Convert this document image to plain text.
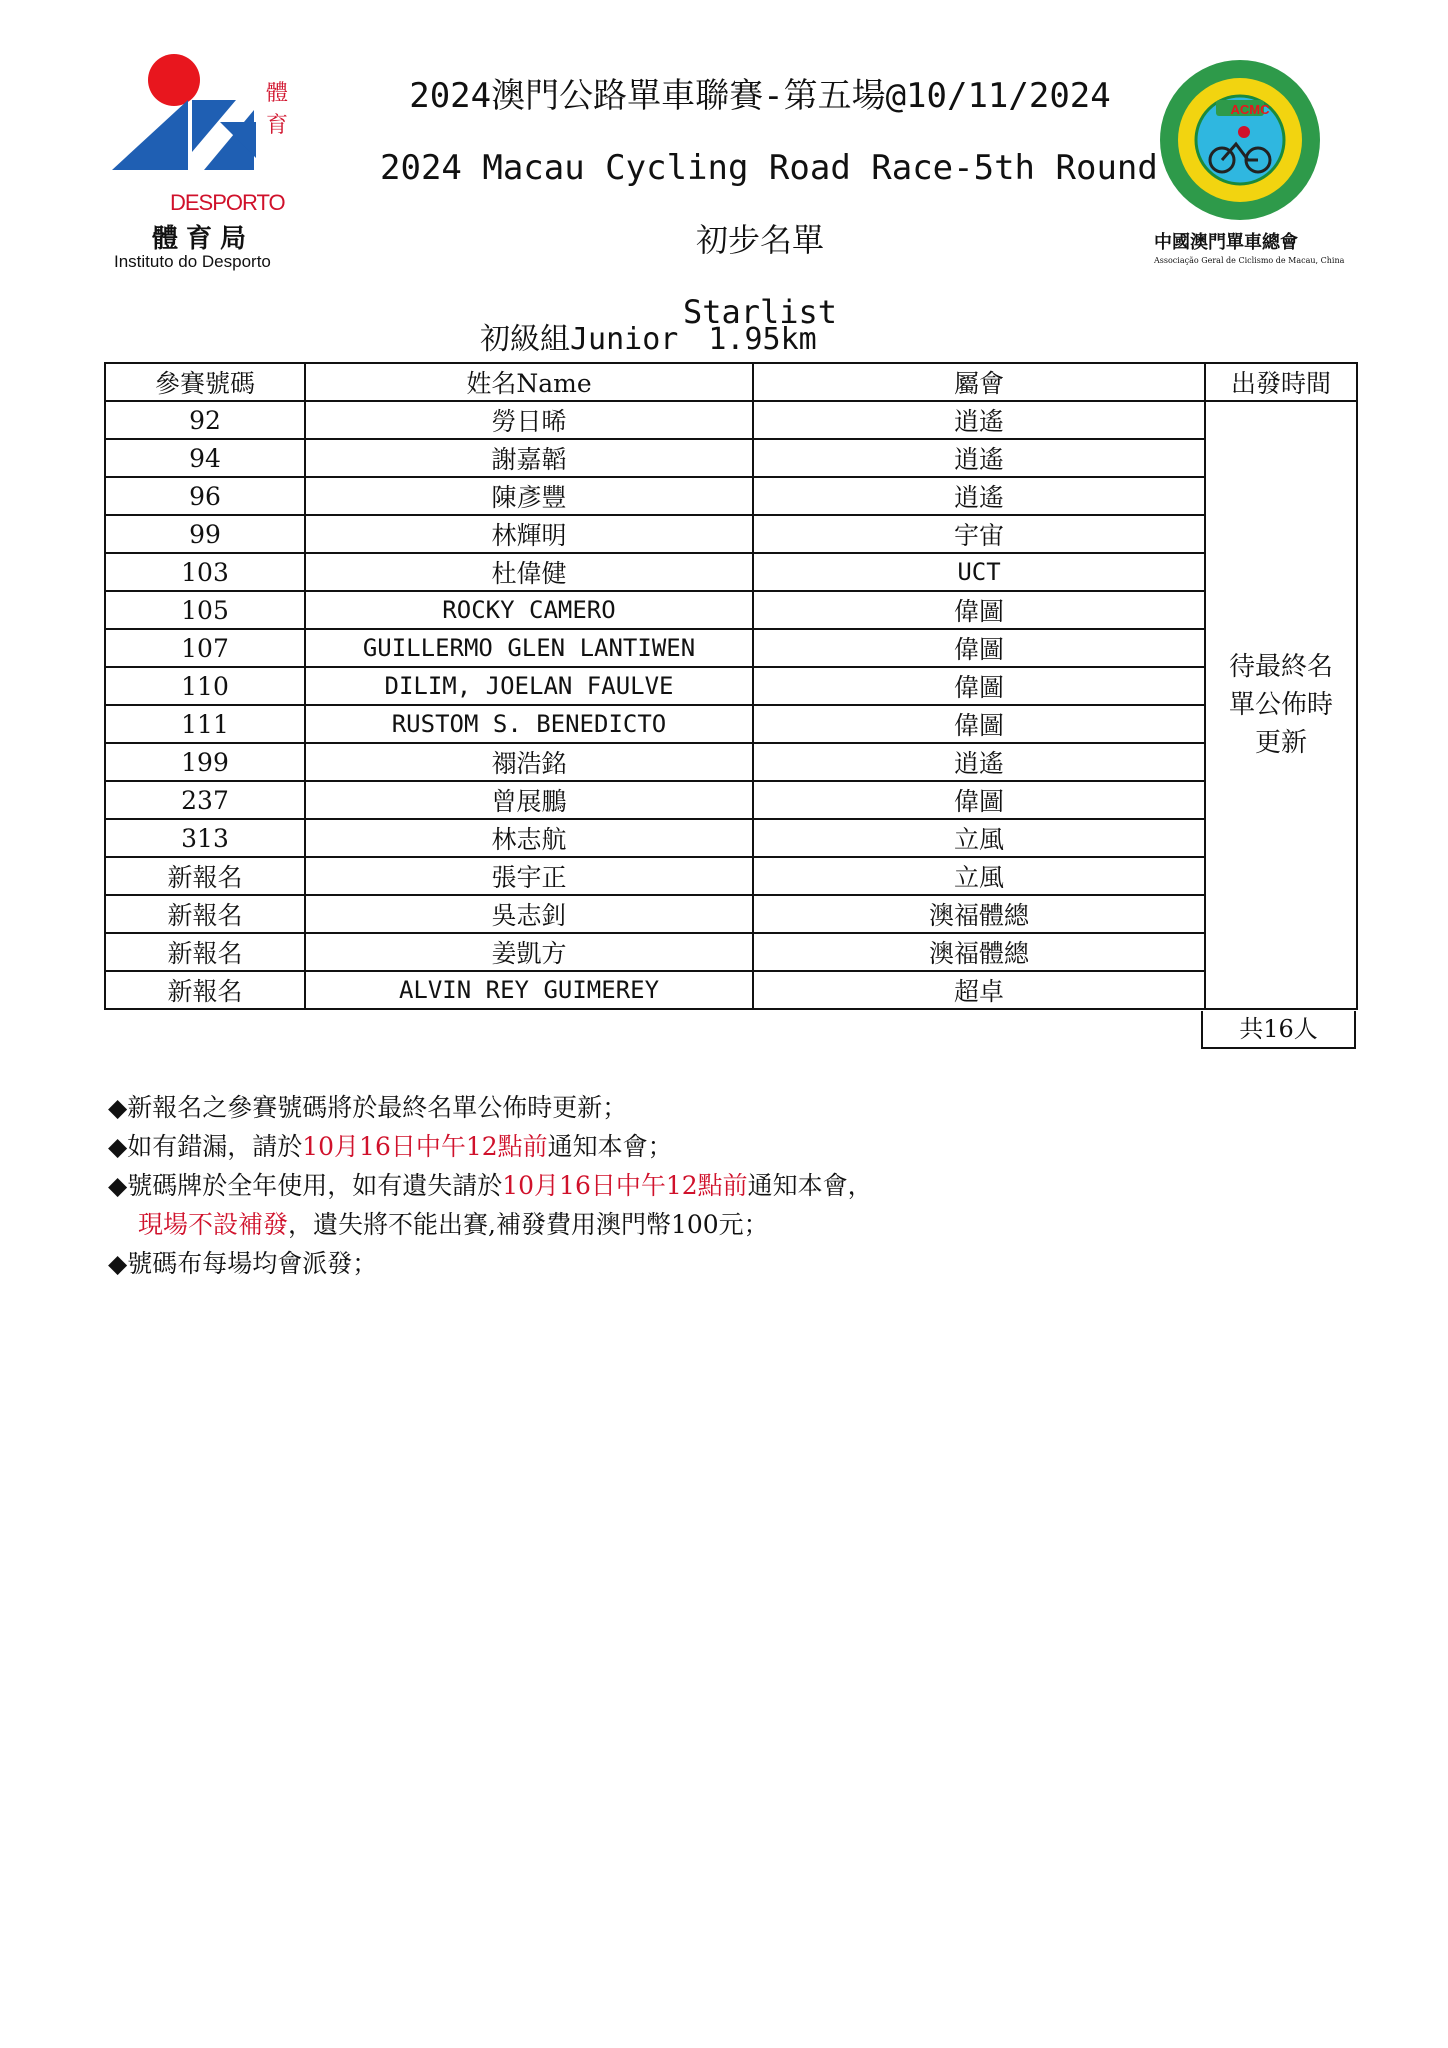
體育
DESPORTO
體育局
Instituto do Desporto
2024澳門公路單車聯賽-第五場@10/11/2024
2024 Macau Cycling Road Race-5th Round
初步名單
Starlist
ACMC
中國澳門單車總會
Associação Geral de Ciclismo de Macau, China
初級組Junior 1.95km
參賽號碼	姓名Name	屬會	出發時間
92	勞日晞	逍遙	待最終名單公佈時更新
94	謝嘉韜	逍遙	
96	陳彥豐	逍遙	
99	林輝明	宇宙	
103	杜偉健	UCT	
105	ROCKY CAMERO	偉圖	
107	GUILLERMO GLEN LANTIWEN	偉圖	
110	DILIM, JOELAN FAULVE	偉圖	
111	RUSTOM S. BENEDICTO	偉圖	
199	禤浩銘	逍遙	
237	曾展鵬	偉圖	
313	林志航	立風	
新報名	張宇正	立風	
新報名	吳志釗	澳福體總	
新報名	姜凱方	澳福體總	
新報名	ALVIN REY GUIMEREY	超卓	
共16人
◆新報名之參賽號碼將於最終名單公佈時更新；
◆如有錯漏，請於10月16日中午12點前通知本會；
◆號碼牌於全年使用，如有遺失請於10月16日中午12點前通知本會，
現場不設補發，遺失將不能出賽,補發費用澳門幣100元；
◆號碼布每場均會派發；
